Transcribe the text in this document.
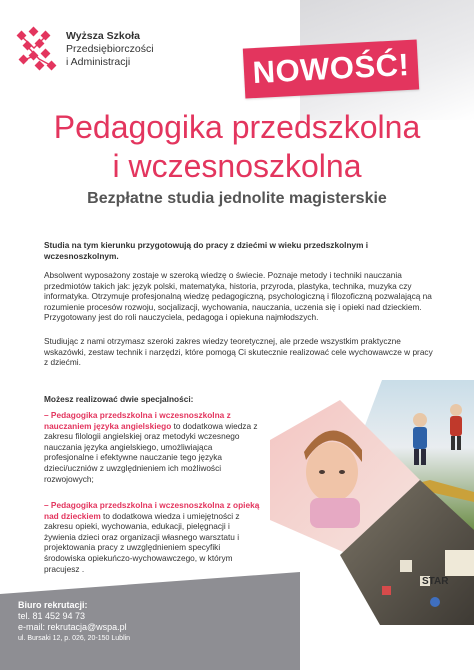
Wyższa Szkoła
Przedsiębiorczości
i Administracji	NOWOŚĆ!
Pedagogika przedszkolna
i wczesnoszkolna
Bezpłatne studia jednolite magisterskie
Studia na tym kierunku przygotowują do pracy z dziećmi w wieku przedszkolnym i wczesnoszkolnym.
Absolwent wyposażony zostaje w szeroką wiedzę o świecie. Poznaje metody i techniki nauczania przedmiotów takich jak: język polski, matematyka, historia, przyroda, plastyka, technika, muzyka czy informatyka. Otrzymuje profesjonalną wiedzę pedagogiczną, psychologiczną i filozoficzną pozwalającą na rozumienie procesów rozwoju, socjalizacji, wychowania, nauczania, uczenia się i opieki nad dzieckiem. Przygotowany jest do roli nauczyciela, pedagoga i opiekuna najmłodszych.
Studiując z nami otrzymasz szeroki zakres wiedzy teoretycznej, ale przede wszystkim praktyczne wskazówki, zestaw technik i narzędzi, które pomogą Ci skutecznie realizować cele wychowawcze w pracy z dziećmi.
Możesz realizować dwie specjalności:
– Pedagogika przedszkolna i wczesnoszkolna z nauczaniem języka angielskiego to dodatkowa wiedza z zakresu filologii angielskiej oraz metodyki wczesnego nauczania języka angielskiego, umożliwiająca profesjonalne i efektywne nauczanie tego języka dzieci/uczniów z uwzględnieniem ich możliwości rozwojowych;
– Pedagogika przedszkolna i wczesnoszkolna z opieką nad dzieckiem to dodatkowa wiedza i umiejętności z zakresu opieki, wychowania, edukacji, pielęgnacji i żywienia dzieci oraz organizacji własnego warsztatu i projektowania pracy z uwzględnieniem specyfiki środowiska opiekuńczo-wychowawczego, w którym pracujesz .
STAR
Biuro rekrutacji:
tel. 81 452 94 73
e-mail: rekrutacja@wspa.pl
ul. Bursaki 12, p. 026, 20-150 Lublin
